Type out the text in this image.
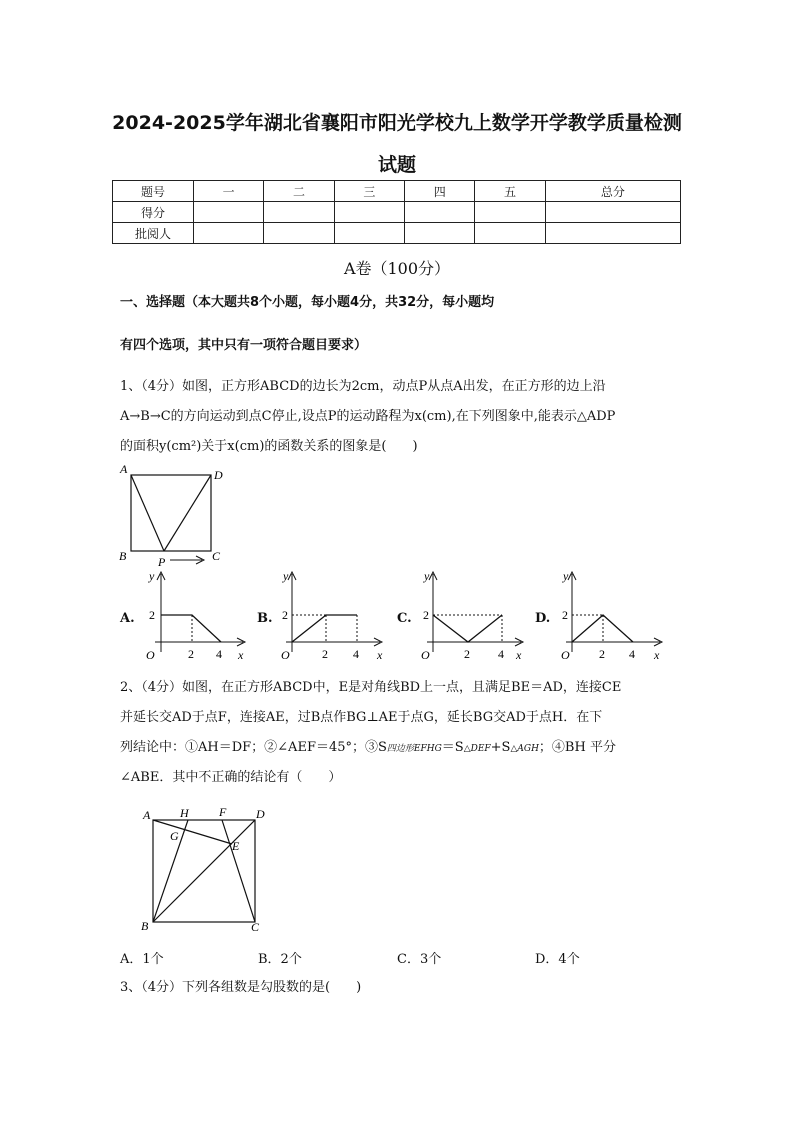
2024-2025学年湖北省襄阳市阳光学校九上数学开学教学质量检测
试题
题号	一	二	三	四	五	总分
得分						
批阅人						
A卷（100分）
一、选择题（本大题共8个小题，每小题4分，共32分，每小题均
有四个选项，其中只有一项符合题目要求）
1、（4分）如图，正方形ABCD的边长为2cm，动点P从点A出发，在正方形的边上沿
A→B→C的方向运动到点C停止,设点P的运动路程为x(cm),在下列图象中,能表示△ADP
的面积y(cm²)关于x(cm)的函数关系的图象是(　　)
A	D
B	C
P
A.
y
x
O
2
2 4
B.
y
x
O
2
2 4
C.
y
x
O
2
2 4
D.
y
x
O
2
2 4
2、（4分）如图，在正方形ABCD中，E是对角线BD上一点，且满足BE＝AD，连接CE
并延长交AD于点F，连接AE，过B点作BG⊥AE于点G，延长BG交AD于点H．在下
列结论中：①AH＝DF；②∠AEF＝45°；③S四边形EFHG＝S△DEF+S△AGH；④BH 平分
∠ABE．其中不正确的结论有（　　）
A H	F D
G
E
B	C
A．1个	B．2个	C．3个	D．4个
3、（4分）下列各组数是勾股数的是(　　)
